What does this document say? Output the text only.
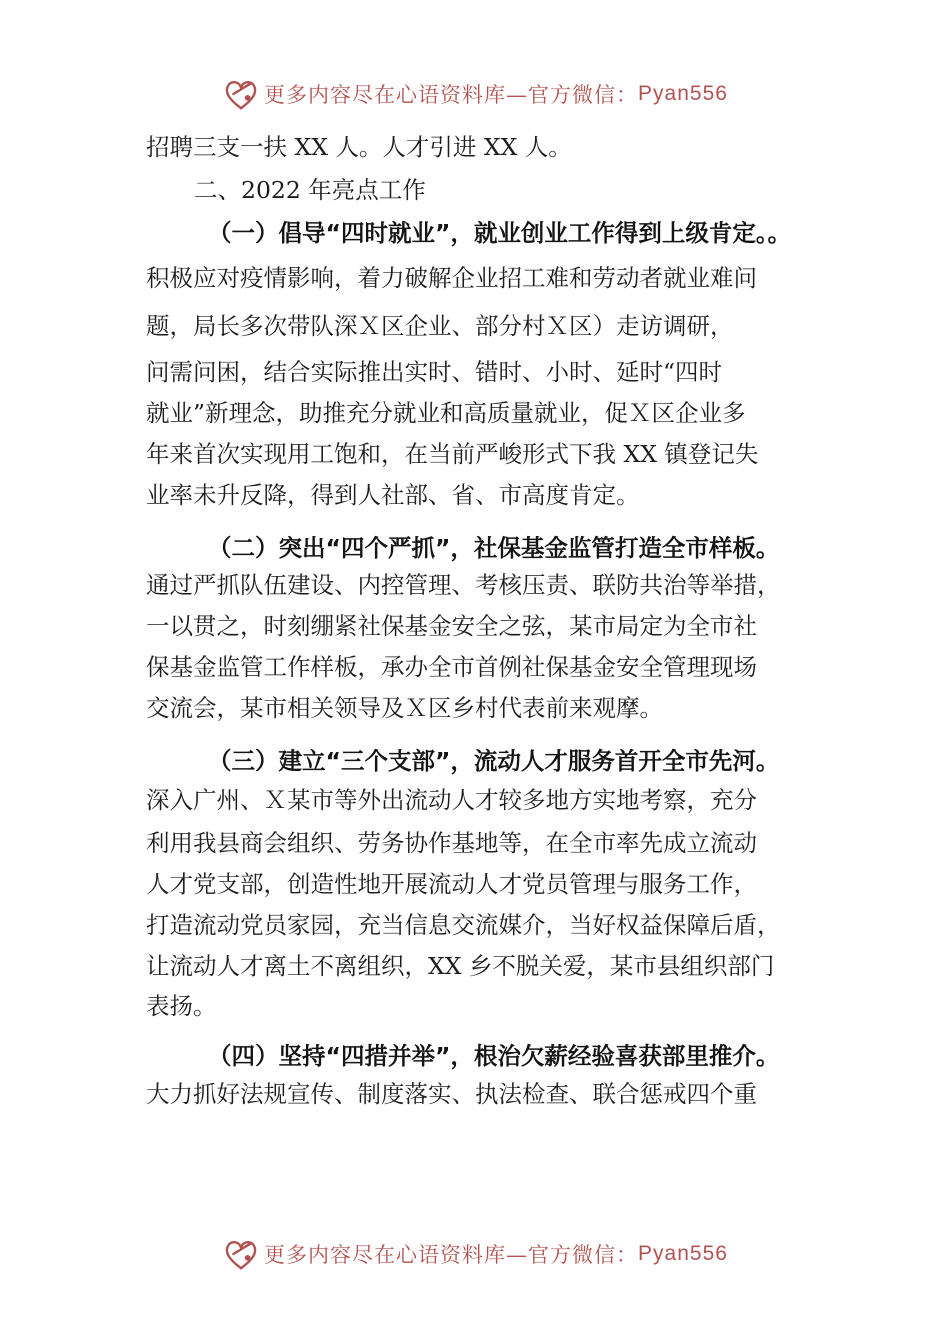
更多内容尽在心语资料库—官方微信： Pyan556
招聘三支一扶 XX 人。人才引进 XX 人。
二、2022 年亮点工作
（一）倡导“四时就业”，就业创业工作得到上级肯定。。
积极应对疫情影响，着力破解企业招工难和劳动者就业难问
题，局长多次带队深Ｘ区企业、部分村Ｘ区）走访调研，
问需问困，结合实际推出实时、错时、小时、延时“四时
就业”新理念，助推充分就业和高质量就业，促Ｘ区企业多
年来首次实现用工饱和，在当前严峻形式下我 XX 镇登记失
业率未升反降，得到人社部、省、市高度肯定。
（二）突出“四个严抓”，社保基金监管打造全市样板。
通过严抓队伍建设、内控管理、考核压责、联防共治等举措，
一以贯之，时刻绷紧社保基金安全之弦，某市局定为全市社
保基金监管工作样板，承办全市首例社保基金安全管理现场
交流会，某市相关领导及Ｘ区乡村代表前来观摩。
（三）建立“三个支部”，流动人才服务首开全市先河。
深入广州、Ｘ某市等外出流动人才较多地方实地考察，充分
利用我县商会组织、劳务协作基地等，在全市率先成立流动
人才党支部，创造性地开展流动人才党员管理与服务工作，
打造流动党员家园，充当信息交流媒介，当好权益保障后盾，
让流动人才离土不离组织，XX 乡不脱关爱，某市县组织部门
表扬。
（四）坚持“四措并举”，根治欠薪经验喜获部里推介。
大力抓好法规宣传、制度落实、执法检查、联合惩戒四个重
更多内容尽在心语资料库—官方微信： Pyan556
